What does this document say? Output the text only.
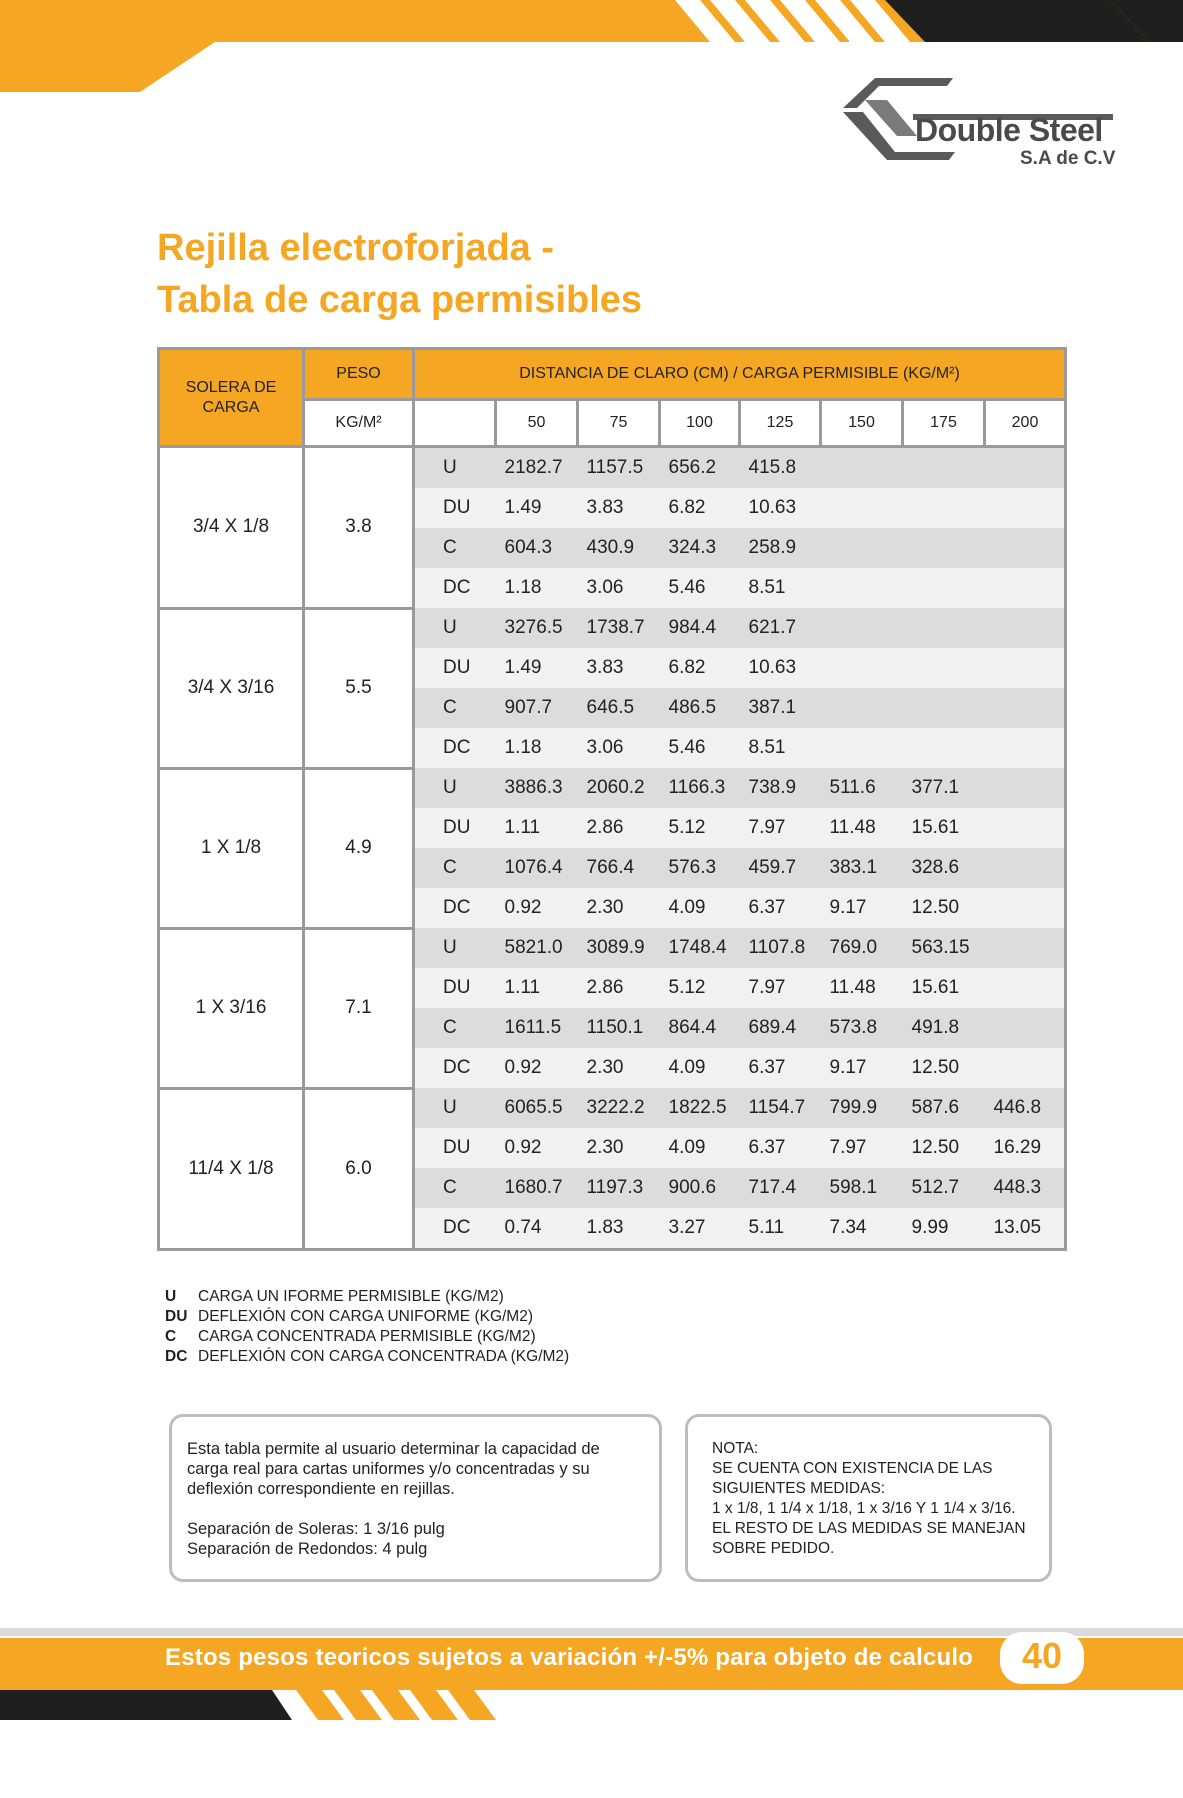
Double Steel
S.A de C.V
Rejilla electroforjada -
Tabla de carga permisibles
SOLERA DE CARGA	PESO	DISTANCIA DE CLARO (CM) / CARGA PERMISIBLE (KG/M²)							
	KG/M²		50	75	100	125	150	175	200
3/4 X 1/8	3.8	U	2182.7	1157.5	656.2	415.8			
		DU	1.49	3.83	6.82	10.63			
		C	604.3	430.9	324.3	258.9			
		DC	1.18	3.06	5.46	8.51			
3/4 X 3/16	5.5	U	3276.5	1738.7	984.4	621.7			
		DU	1.49	3.83	6.82	10.63			
		C	907.7	646.5	486.5	387.1			
		DC	1.18	3.06	5.46	8.51			
1 X 1/8	4.9	U	3886.3	2060.2	1166.3	738.9	511.6	377.1	
		DU	1.11	2.86	5.12	7.97	11.48	15.61	
		C	1076.4	766.4	576.3	459.7	383.1	328.6	
		DC	0.92	2.30	4.09	6.37	9.17	12.50	
1 X 3/16	7.1	U	5821.0	3089.9	1748.4	1107.8	769.0	563.15	
		DU	1.11	2.86	5.12	7.97	11.48	15.61	
		C	1611.5	1150.1	864.4	689.4	573.8	491.8	
		DC	0.92	2.30	4.09	6.37	9.17	12.50	
11/4 X 1/8	6.0	U	6065.5	3222.2	1822.5	1154.7	799.9	587.6	446.8
		DU	0.92	2.30	4.09	6.37	7.97	12.50	16.29
		C	1680.7	1197.3	900.6	717.4	598.1	512.7	448.3
		DC	0.74	1.83	3.27	5.11	7.34	9.99	13.05
U CARGA UN IFORME PERMISIBLE (KG/M2)
DU DEFLEXIÓN CON CARGA UNIFORME (KG/M2)
C CARGA CONCENTRADA PERMISIBLE (KG/M2)
DC DEFLEXIÓN CON CARGA CONCENTRADA (KG/M2)

Esta tabla permite al usuario determinar la capacidad de carga real para cartas uniformes y/o concentradas y su deflexión correspondiente en rejillas.

Separación de Soleras: 1 3/16 pulg

Separación de Redondos: 4 pulg

NOTA:

SE CUENTA CON EXISTENCIA DE LAS SIGUIENTES MEDIDAS:

1 x 1/8, 1 1/4 x 1/18, 1 x 3/16 Y 1 1/4 x 3/16.

EL RESTO DE LAS MEDIDAS SE MANEJAN SOBRE PEDIDO.

Estos pesos teoricos sujetos a variación +/-5% para objeto de calculo	40
